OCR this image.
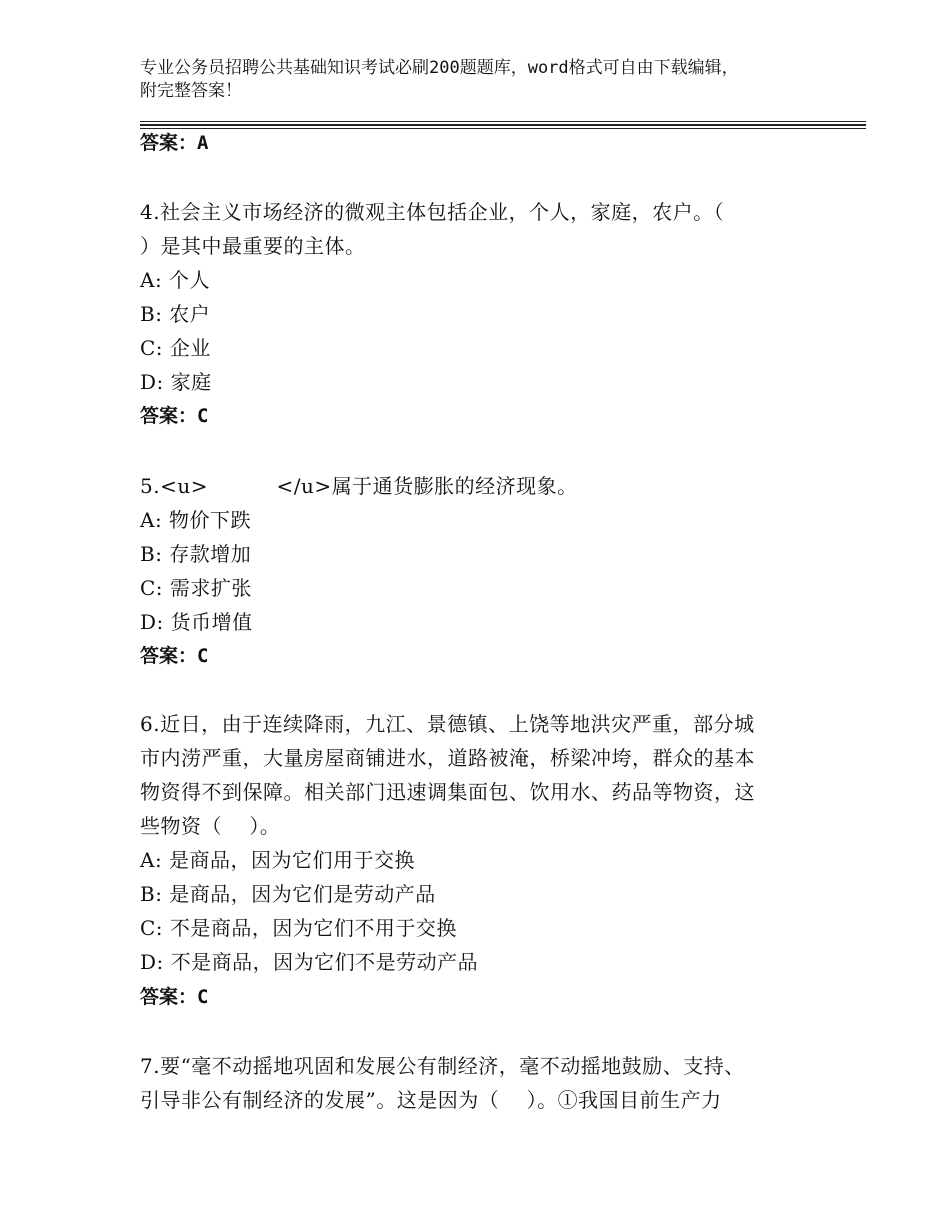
专业公务员招聘公共基础知识考试必刷200题题库，word格式可自由下载编辑，
附完整答案！
答案：A
4.社会主义市场经济的微观主体包括企业，个人，家庭，农户。（
）是其中最重要的主体。
A: 个人
B: 农户
C: 企业
D: 家庭
答案：C
5.<u>          </u>属于通货膨胀的经济现象。
A: 物价下跌
B: 存款增加
C: 需求扩张
D: 货币增值
答案：C
6.近日，由于连续降雨，九江、景德镇、上饶等地洪灾严重，部分城
市内涝严重，大量房屋商铺进水，道路被淹，桥梁冲垮，群众的基本
物资得不到保障。相关部门迅速调集面包、饮用水、药品等物资，这
些物资（    ）。
A: 是商品，因为它们用于交换
B: 是商品，因为它们是劳动产品
C: 不是商品，因为它们不用于交换
D: 不是商品，因为它们不是劳动产品
答案：C
7.要“毫不动摇地巩固和发展公有制经济，毫不动摇地鼓励、支持、
引导非公有制经济的发展”。这是因为（    ）。①我国目前生产力
